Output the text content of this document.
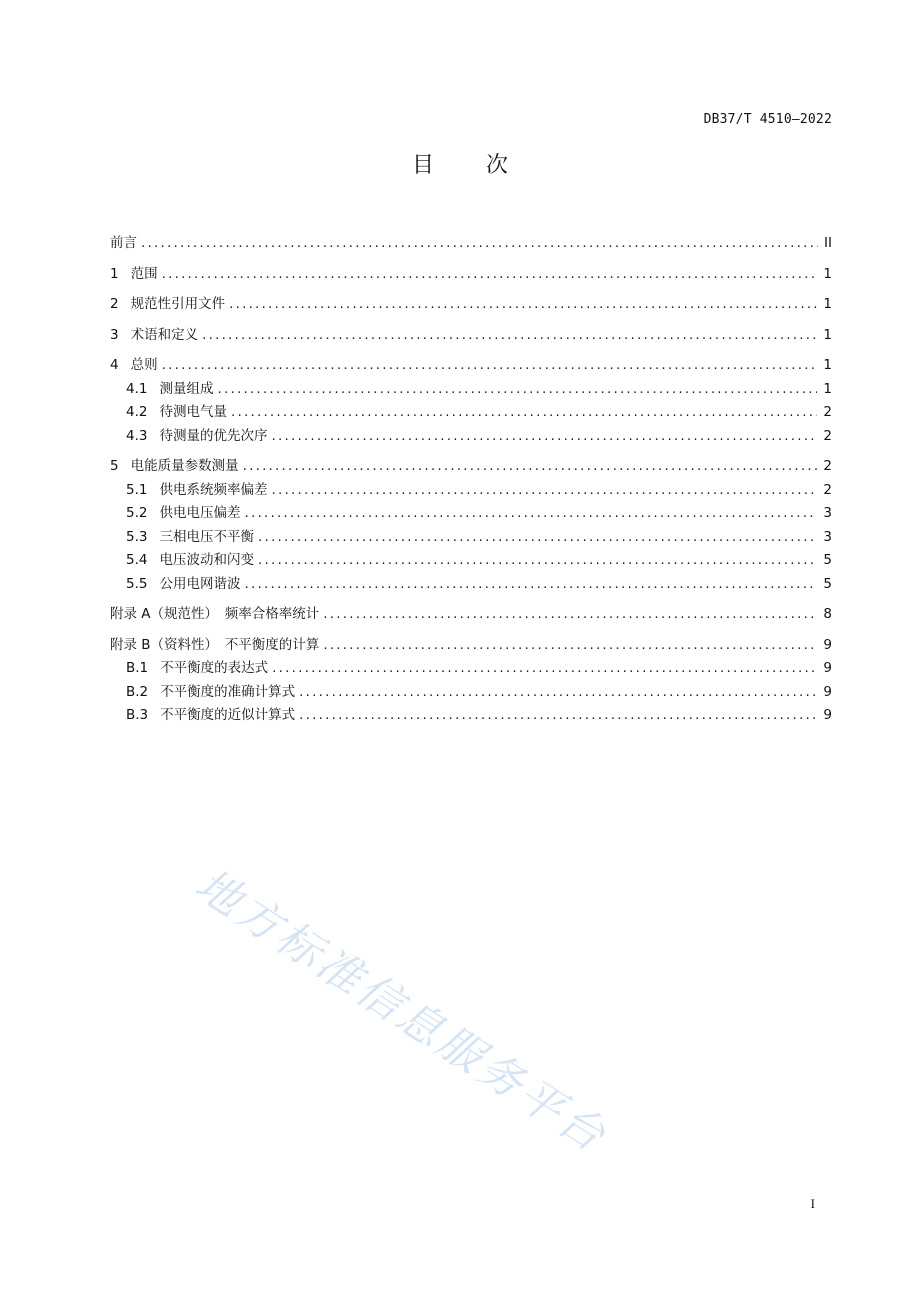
DB37/T 4510—2022
目 次
前言 .....	II
1 范围 .....	1
2 规范性引用文件 .....	1
3 术语和定义 .....	1
4 总则 .....	1
4.1 测量组成 .....	1
4.2 待测电气量 .....	2
4.3 待测量的优先次序 .....	2
5 电能质量参数测量 .....	2
5.1 供电系统频率偏差 .....	2
5.2 供电电压偏差 .....	3
5.3 三相电压不平衡 .....	3
5.4 电压波动和闪变 .....	5
5.5 公用电网谐波 .....	5
附录 A（规范性）　频率合格率统计 .....	8
附录 B（资料性）　不平衡度的计算 .....	9
B.1 不平衡度的表达式 .....	9
B.2 不平衡度的准确计算式 .....	9
B.3 不平衡度的近似计算式 .....	9
地方标准信息服务平台
I
